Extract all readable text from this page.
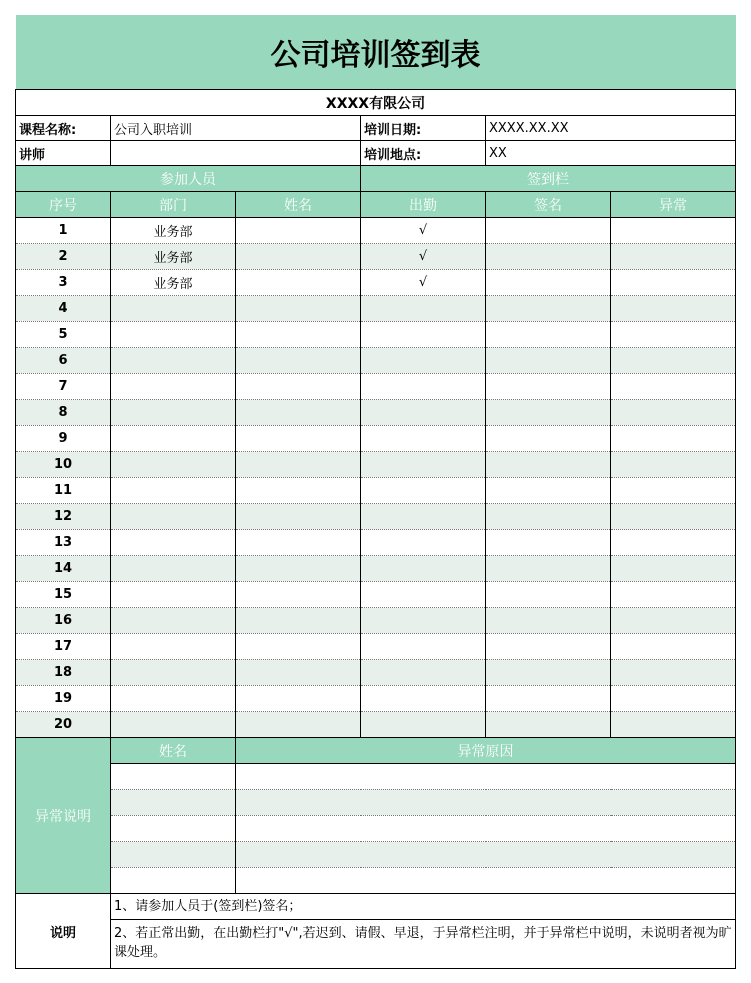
公司培训签到表					
XXXX有限公司					
课程名称:	公司入职培训		培训日期:	XXXX.XX.XX	
讲师			培训地点:	XX	
参加人员			签到栏		
序号	部门	姓名	出勤	签名	异常
1	业务部		√		
2	业务部		√		
3	业务部		√		
4					
5					
6					
7					
8					
9					
10					
11					
12					
13					
14					
15					
16					
17					
18					
19					
20					
异常说明	姓名	异常原因			

说明	1、请参加人员于(签到栏)签名；				
	2、若正常出勤，在出勤栏打"√",若迟到、请假、早退，于异常栏注明，并于异常栏中说明，未说明者视为旷课处理。				
